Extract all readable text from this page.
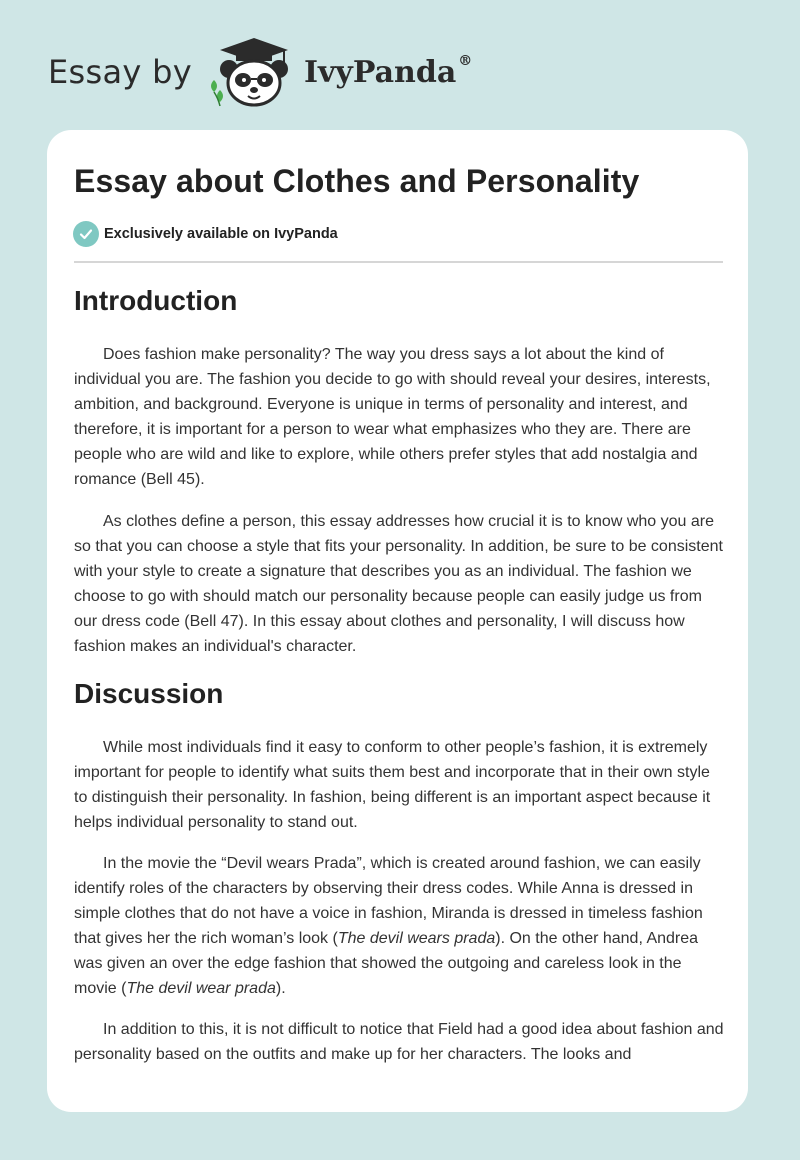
Essay by	IvyPanda ®
Essay about Clothes and Personality
Exclusively available on IvyPanda
Introduction

Does fashion make personality? The way you dress says a lot about the kind of individual you are. The fashion you decide to go with should reveal your desires, interests, ambition, and background. Everyone is unique in terms of personality and interest, and therefore, it is important for a person to wear what emphasizes who they are. There are people who are wild and like to explore, while others prefer styles that add nostalgia and romance (Bell 45).

As clothes define a person, this essay addresses how crucial it is to know who you are so that you can choose a style that fits your personality. In addition, be sure to be consistent with your style to create a signature that describes you as an individual. The fashion we choose to go with should match our personality because people can easily judge us from our dress code (Bell 47). In this essay about clothes and personality, I will discuss how fashion makes an individual's character.

Discussion

While most individuals find it easy to conform to other people’s fashion, it is extremely important for people to identify what suits them best and incorporate that in their own style to distinguish their personality. In fashion, being different is an important aspect because it helps individual personality to stand out.

In the movie the “Devil wears Prada”, which is created around fashion, we can easily identify roles of the characters by observing their dress codes. While Anna is dressed in simple clothes that do not have a voice in fashion, Miranda is dressed in timeless fashion that gives her the rich woman’s look (The devil wears prada). On the other hand, Andrea was given an over the edge fashion that showed the outgoing and careless look in the movie (The devil wear prada).

In addition to this, it is not difficult to notice that Field had a good idea about fashion and personality based on the outfits and make up for her characters. The looks and
